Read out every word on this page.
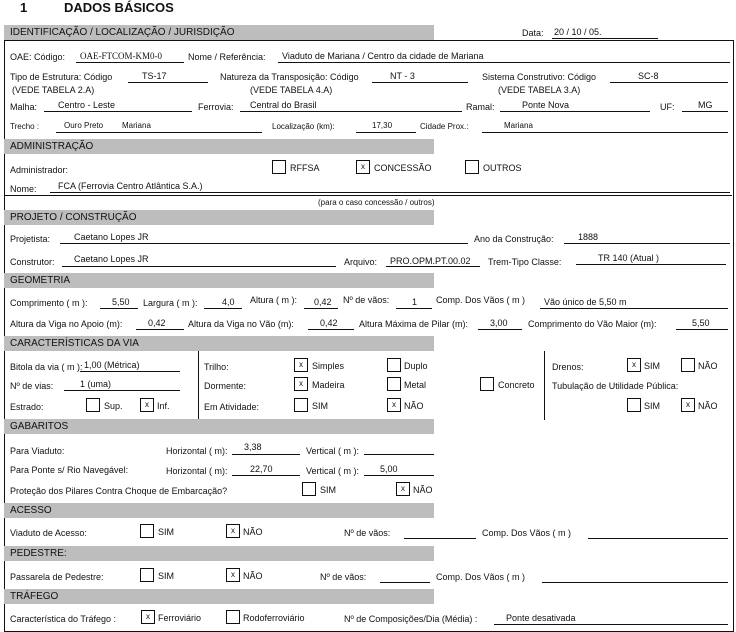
1	DADOS BÁSICOS
IDENTIFICAÇÃO / LOCALIZAÇÃO / JURISDIÇÃO	Data: 20 / 10 / 05.
OAE: Código: OAE-FTCOM-KM0-0	Nome / Referência: Viaduto de Mariana / Centro da cidade de Mariana
Tipo de Estrutura: Código	TS-17
(VEDE TABELA 2.A)
Natureza da Transposição: Código	NT - 3
(VEDE TABELA 4.A)
Sistema Construtivo: Código	SC-8
(VEDE TABELA 3.A)
Malha: Centro - Leste	Ferrovia: Central do Brasil	Ramal:	Ponte Nova	UF:	MG
Trecho :	Ouro Preto Mariana	Localização (km):	17,30	Cidade Prox.:	Mariana
ADMINISTRAÇÃO
Administrador:	RFFSA	x	CONCESSÃO	OUTROS
Nome: FCA (Ferrovia Centro Atlântica S.A.)
(para o caso concessão / outros)
PROJETO / CONSTRUÇÃO
Projetista:	Caetano Lopes JR	Ano da Construção:	1888
Construtor: Caetano Lopes JR	Arquivo: PRO.OPM.PT.00.02 Trem-Tipo Classe:	TR 140 (Atual )
GEOMETRIA
Comprimento ( m ):	5,50 Largura ( m ):	4,0 Altura ( m ): 0,42 Nº de vãos:	1 Comp. Dos Vãos ( m ) Vão único de 5,50 m
Altura da Viga no Apoio (m):	0,42 Altura da Viga no Vão (m):	0,42 Altura Máxima de Pilar (m): 3,00 Comprimento do Vão Maior (m):	5,50
CARACTERÍSTICAS DA VIA
Bitola da via ( m ): 1,00 (Métrica)
Nº de vias:	1 (uma)
Estrado:	Sup.	x Inf.
Trilho:	x	Simples	Duplo
Dormente:	x	Madeira	Metal	Concreto
Em Atividade:	SIM	x NÃO
Drenos:	x SIM	NÃO
Tubulação de Utilidade Pública:
SIM	x NÃO
GABARITOS
Para Viaduto:	Horizontal ( m): 3,38	Vertical ( m ):
Para Ponte s/ Rio Navegável:	Horizontal ( m): 22,70	Vertical ( m ): 5,00
Proteção dos Pilares Contra Choque de Embarcação?	SIM	x NÃO
ACESSO
Viaduto de Acesso:	SIM	x NÃO	Nº de vãos:	Comp. Dos Vãos ( m )
PEDESTRE:
Passarela de Pedestre:	SIM	x NÃO	Nº de vãos:	Comp. Dos Vãos ( m )
TRÁFEGO
Característica do Tráfego :	x Ferroviário	Rodoferroviário	Nº de Composições/Dia (Média) :	Ponte desativada
